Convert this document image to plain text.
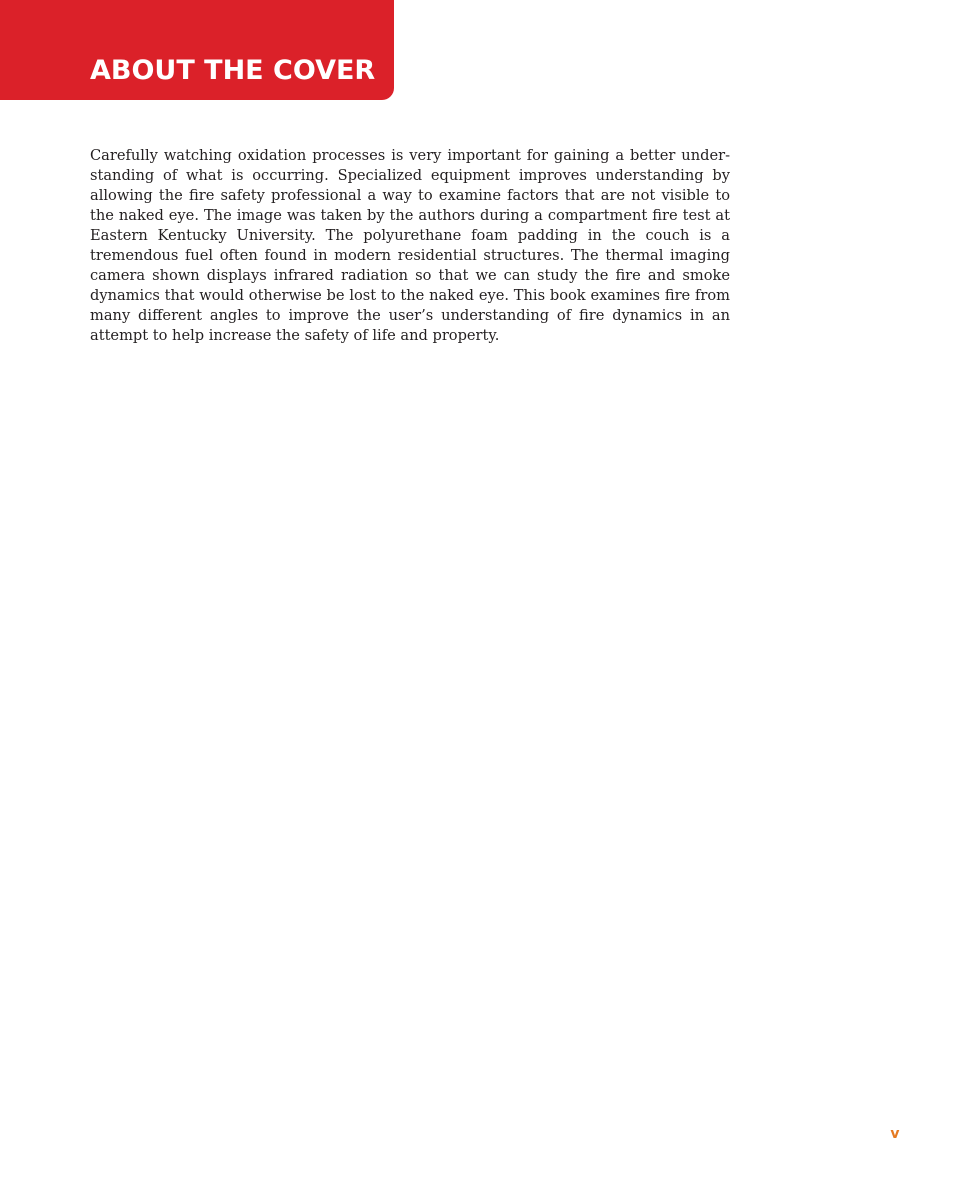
ABOUT THE COVER

Carefully watching oxidation processes is very important for gaining a better understanding of what is occurring. Specialized equipment improves understanding by allowing the fire safety professional a way to examine factors that are not visible to the naked eye. The image was taken by the authors during a compartment fire test at Eastern Kentucky University. The polyurethane foam padding in the couch is a tremendous fuel often found in modern residential structures. The thermal imaging camera shown displays infrared radiation so that we can study the fire and smoke dynamics that would otherwise be lost to the naked eye. This book examines fire from many different angles to improve the user’s understanding of fire dynamics in an attempt to help increase the safety of life and property.

v
